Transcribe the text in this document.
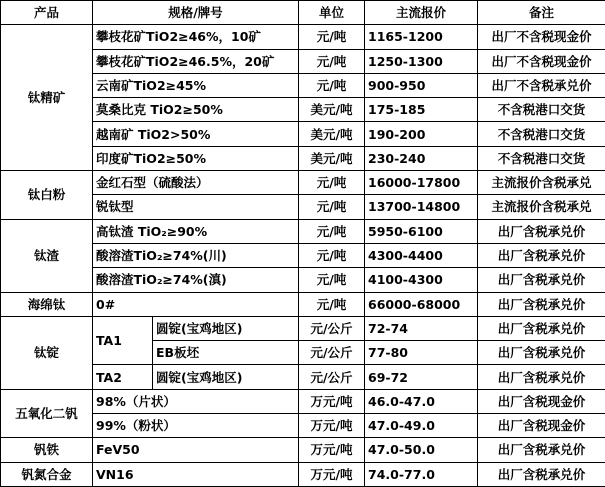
产品	规格/牌号		单位	主流报价	备注
钛精矿	攀枝花矿TiO2≥46%，10矿		元/吨	1165-1200	出厂不含税现金价
	攀枝花矿TiO2≥46.5%，20矿		元/吨	1250-1300	出厂不含税现金价
	云南矿TiO2≥45%		元/吨	900-950	出厂不含税承兑价
	莫桑比克 TiO2≥50%		美元/吨	175-185	不含税港口交货
	越南矿 TiO2>50%		美元/吨	190-200	不含税港口交货
	印度矿TiO2≥50%		美元/吨	230-240	不含税港口交货
钛白粉	金红石型（硫酸法）		元/吨	16000-17800	主流报价含税承兑
	锐钛型		元/吨	13700-14800	主流报价含税承兑
钛渣	高钛渣 TiO₂≥90%		元/吨	5950-6100	出厂含税承兑价
	酸溶渣TiO₂≥74%(川)		元/吨	4300-4400	出厂含税承兑价
	酸溶渣TiO₂≥74%(滇)		元/吨	4100-4300	出厂含税承兑价
海绵钛	0#		元/吨	66000-68000	出厂含税承兑价
钛锭	TA1	圆锭(宝鸡地区)	元/公斤	72-74	出厂含税承兑价
		EB板坯	元/公斤	77-80	出厂含税承兑价
	TA2	圆锭(宝鸡地区)	元/公斤	69-72	出厂含税承兑价
五氧化二钒	98%（片状）		万元/吨	46.0-47.0	出厂含税现金价
	99%（粉状）		万元/吨	47.0-49.0	出厂含税现金价
钒铁	FeV50		万元/吨	47.0-50.0	出厂含税承兑价
钒氮合金	VN16		万元/吨	74.0-77.0	出厂含税承兑价
